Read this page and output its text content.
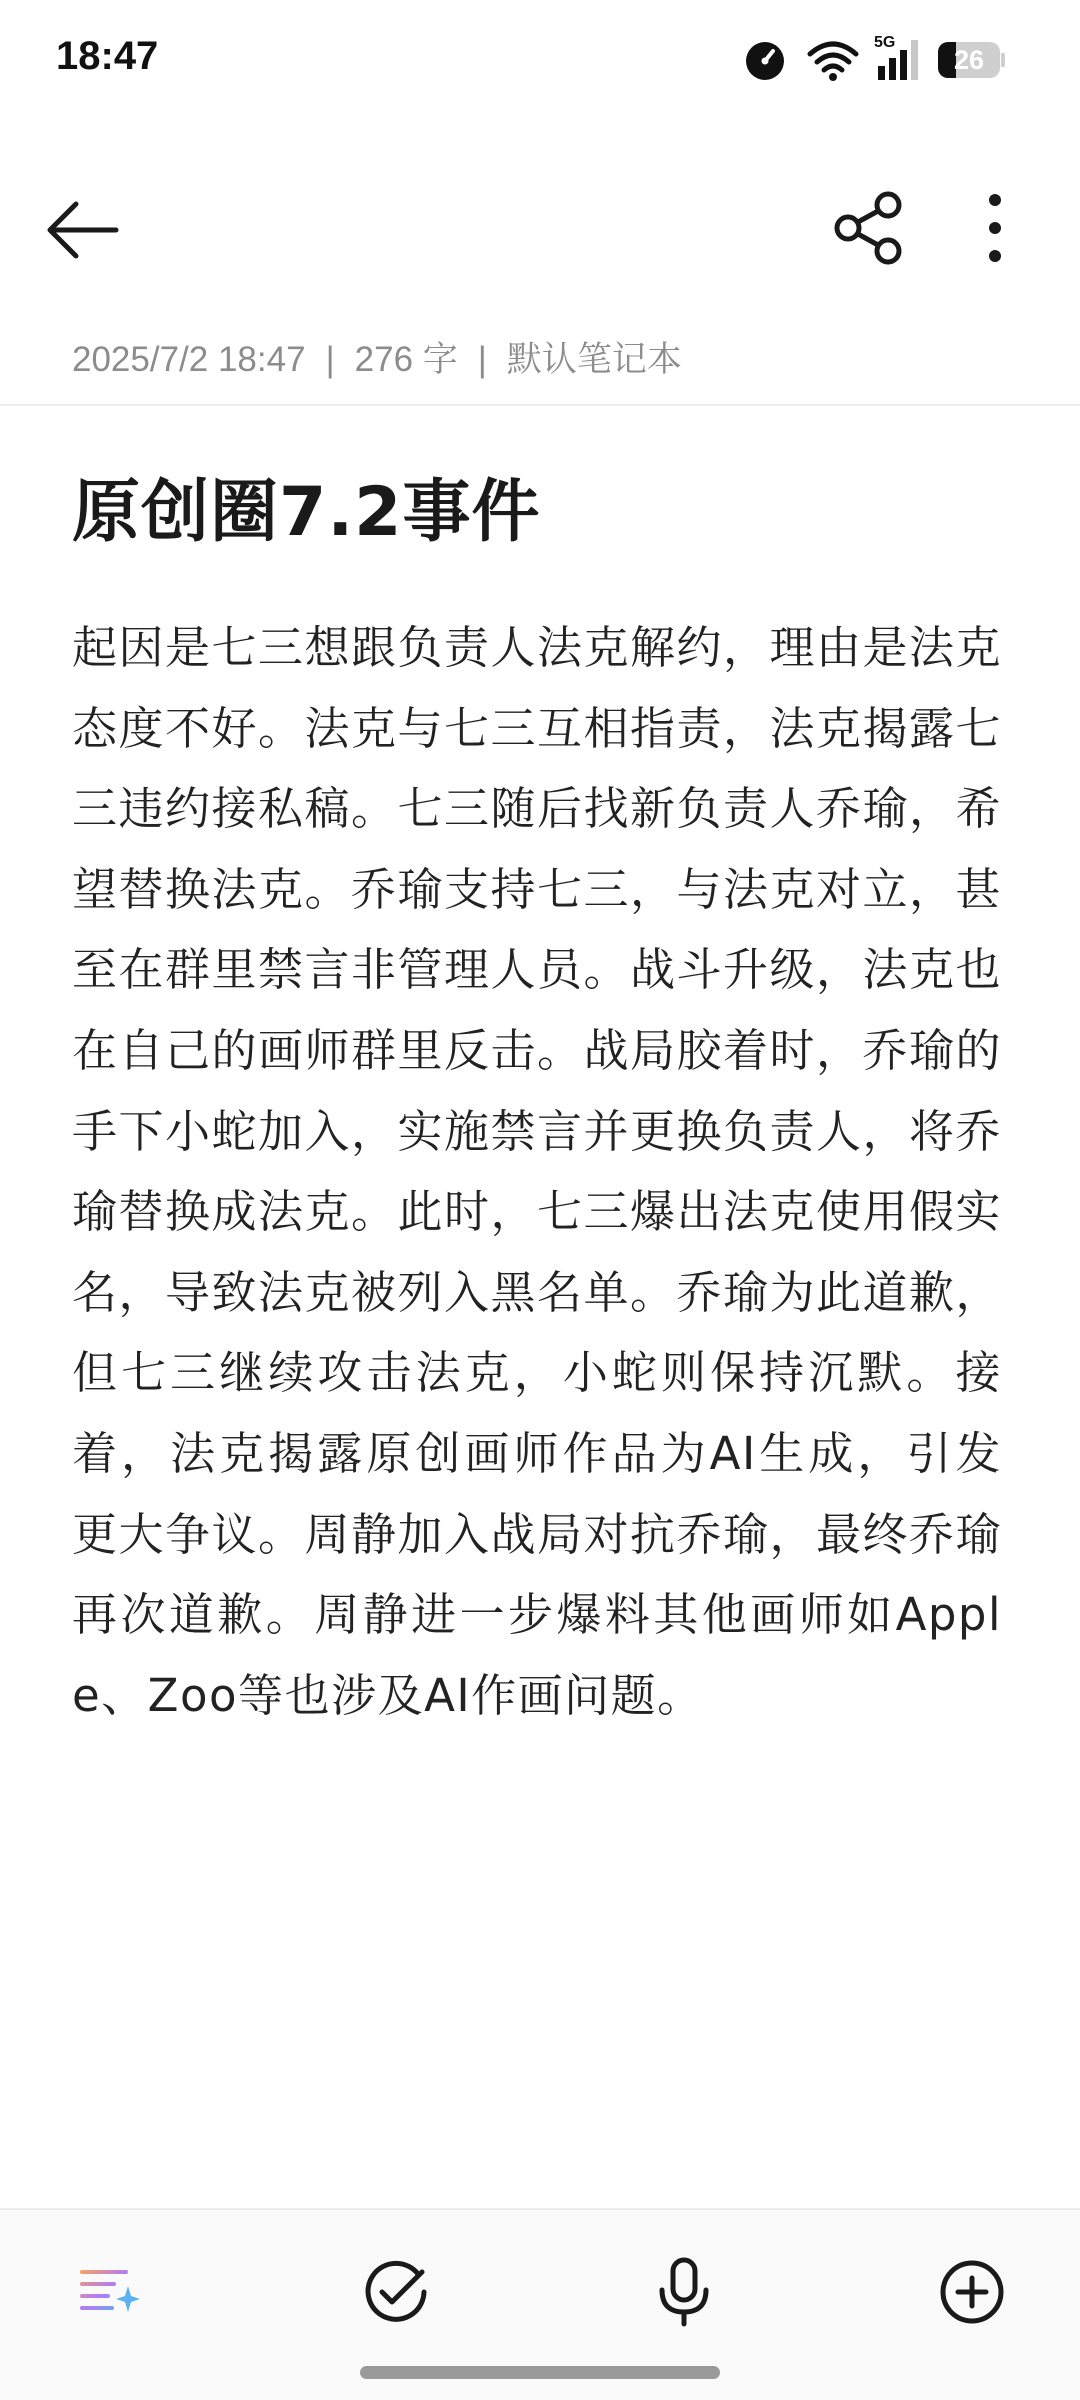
18:47	5G
26
2025/7/2 18:47 | 276 字 | 默认笔记本
原创圈7.2事件
起因是七三想跟负责人法克解约，理由是法克态度不好。法克与七三互相指责，法克揭露七三违约接私稿。七三随后找新负责人乔瑜，希望替换法克。乔瑜支持七三，与法克对立，甚至在群里禁言非管理人员。战斗升级，法克也在自己的画师群里反击。战局胶着时，乔瑜的手下小蛇加入，实施禁言并更换负责人，将乔瑜替换成法克。此时，七三爆出法克使用假实名，导致法克被列入黑名单。乔瑜为此道歉，但七三继续攻击法克，小蛇则保持沉默。接着，法克揭露原创画师作品为AI生成，引发更大争议。周静加入战局对抗乔瑜，最终乔瑜再次道歉。周静进一步爆料其他画师如Apple、Zoo等也涉及AI作画问题。
